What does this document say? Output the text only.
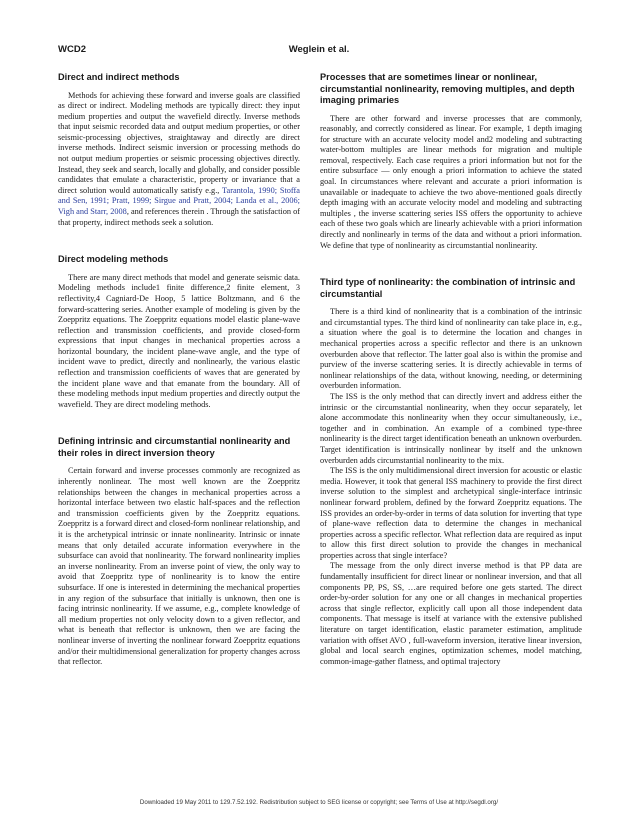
WCD2	Weglein et al.
Direct and indirect methods

Methods for achieving these forward and inverse goals are classified as direct or indirect. Modeling methods are typically direct: they input medium properties and output the wavefield directly. Inverse methods that input seismic recorded data and output medium properties, or other seismic-processing objectives, straightaway and directly are direct inverse methods. Indirect seismic inversion or processing methods do not output medium properties or seismic processing objectives directly. Instead, they seek and search, locally and globally, and consider possible candidates that emulate a characteristic, property or invariance that a direct solution would automatically satisfy e.g., Tarantola, 1990; Stoffa and Sen, 1991; Pratt, 1999; Sirgue and Pratt, 2004; Landa et al., 2006; Vigh and Starr, 2008, and references therein . Through the satisfaction of that property, indirect methods seek a solution.

Direct modeling methods

There are many direct methods that model and generate seismic data. Modeling methods include1 finite difference,2 finite element, 3 reflectivity,4 Cagniard-De Hoop, 5 lattice Boltzmann, and 6 the forward-scattering series. Another example of modeling is given by the Zoeppritz equations. The Zoeppritz equations model elastic plane-wave reflection and transmission coefficients, and provide closed-form expressions that input changes in mechanical properties across a horizontal boundary, the incident plane-wave angle, and the type of incident wave to predict, directly and nonlinearly, the various elastic reflection and transmission coefficients of waves that are generated by the incident plane wave and that emanate from the boundary. All of these modeling methods input medium properties and directly output the wavefield. They are direct modeling methods.

Defining intrinsic and circumstantial nonlinearity and their roles in direct inversion theory

Certain forward and inverse processes commonly are recognized as inherently nonlinear. The most well known are the Zoeppritz relationships between the changes in mechanical properties across a horizontal interface between two elastic half-spaces and the reflection and transmission coefficients given by the Zoeppritz equations. Zoeppritz is a forward direct and closed-form nonlinear relationship, and it is the archetypical intrinsic or innate nonlinearity. Intrinsic or innate means that only detailed accurate information everywhere in the subsurface can avoid that nonlinearity. The forward nonlinearity implies an inverse nonlinearity. From an inverse point of view, the only way to avoid that Zoeppritz type of nonlinearity is to know the entire subsurface. If one is interested in determining the mechanical properties in any region of the subsurface that initially is unknown, then one is facing intrinsic nonlinearity. If we assume, e.g., complete knowledge of all medium properties not only velocity down to a given reflector, and what is beneath that reflector is unknown, then we are facing the nonlinear inverse of inverting the nonlinear forward Zoeppritz equations and/or their multidimensional generalization for property changes across that reflector.

Processes that are sometimes linear or nonlinear, circumstantial nonlinearity, removing multiples, and depth imaging primaries

There are other forward and inverse processes that are commonly, reasonably, and correctly considered as linear. For example, 1 depth imaging for structure with an accurate velocity model and2 modeling and subtracting water-bottom multiples are linear methods for migration and multiple removal, respectively. Each case requires a priori information but not for the entire subsurface — only enough a priori information to achieve the stated goal. In circumstances where relevant and accurate a priori information is unavailable or inadequate to achieve the two above-mentioned goals directly depth imaging with an accurate velocity model and modeling and subtracting multiples , the inverse scattering series ISS offers the opportunity to achieve each of these two goals which are linearly achievable with a priori information directly and nonlinearly in terms of the data and without a priori information. We define that type of nonlinearity as circumstantial nonlinearity.

Third type of nonlinearity: the combination of intrinsic and circumstantial

There is a third kind of nonlinearity that is a combination of the intrinsic and circumstantial types. The third kind of nonlinearity can take place in, e.g., a situation where the goal is to determine the location and changes in mechanical properties across a specific reflector and there is an unknown overburden above that reflector. The latter goal also is within the promise and purview of the inverse scattering series. It is directly achievable in terms of nonlinear relationships of the data, without knowing, needing, or determining overburden information.

The ISS is the only method that can directly invert and address either the intrinsic or the circumstantial nonlinearity, when they occur separately, let alone accommodate this nonlinearity when they occur simultaneously, i.e., together and in combination. An example of a combined type-three nonlinearity is the direct target identification beneath an unknown overburden. Target identification is intrinsically nonlinear by itself and the unknown overburden adds circumstantial nonlinearity to the mix.

The ISS is the only multidimensional direct inversion for acoustic or elastic media. However, it took that general ISS machinery to provide the first direct inverse solution to the simplest and archetypical single-interface intrinsic nonlinear forward problem, defined by the forward Zoeppritz equations. The ISS provides an order-by-order in terms of data solution for inverting that type of plane-wave reflection data to determine the changes in mechanical properties across a specific reflector. What reflection data are required as input to allow this first direct solution to provide the changes in mechanical properties across that single interface?

The message from the only direct inverse method is that PP data are fundamentally insufficient for direct linear or nonlinear inversion, and that all components PP, PS, SS, …are required before one gets started. The direct order-by-order solution for any one or all changes in mechanical properties across that single reflector, explicitly call upon all those independent data components. That message is itself at variance with the extensive published literature on target identification, elastic parameter estimation, amplitude variation with offset AVO , full-waveform inversion, iterative linear inversion, global and local search engines, optimization schemes, model matching, common-image-gather flatness, and optimal trajectory

Downloaded 19 May 2011 to 129.7.52.192. Redistribution subject to SEG license or copyright; see Terms of Use at http://segdl.org/
